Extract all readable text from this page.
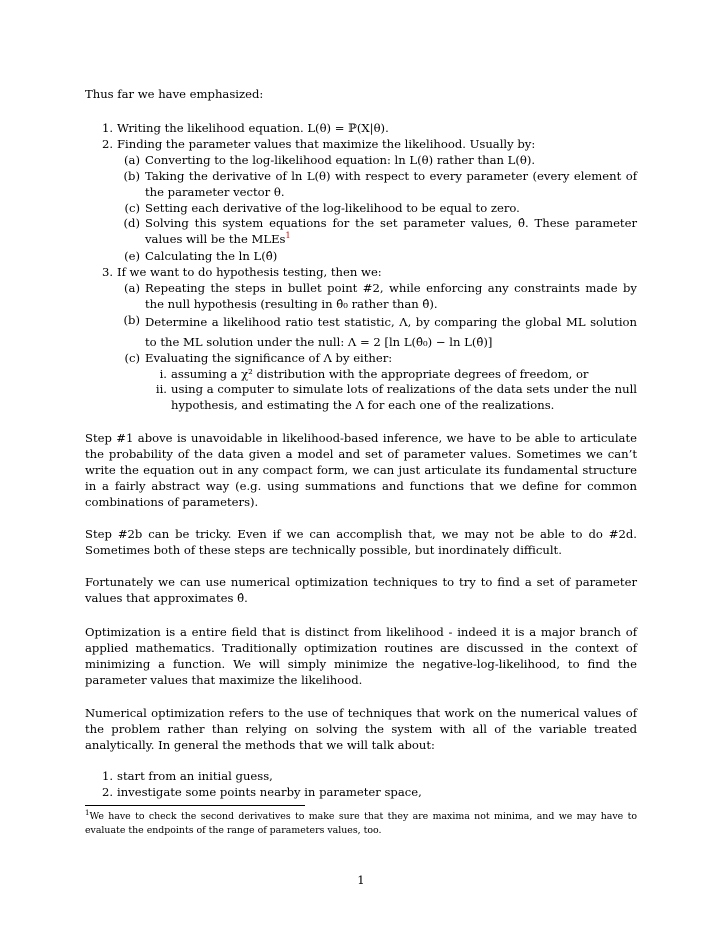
Thus far we have emphasized:

1. Writing the likelihood equation. L(θ) = ℙ(X|θ).
2. Finding the parameter values that maximize the likelihood. Usually by:
(a) Converting to the log-likelihood equation: ln L(θ) rather than L(θ).
(b) Taking the derivative of ln L(θ) with respect to every parameter (every element of the parameter vector θ.
(c) Setting each derivative of the log-likelihood to be equal to zero.
(d) Solving this system equations for the set parameter values, θ̂. These parameter values will be the MLEs$^1$
(e) Calculating the ln L(θ̂)
3. If we want to do hypothesis testing, then we:
(a) Repeating the steps in bullet point #2, while enforcing any constraints made by the null hypothesis (resulting in θ̂₀ rather than θ̂).
(b) Determine a likelihood ratio test statistic, Λ, by comparing the global ML solution to the ML solution under the null: Λ = 2 [ln L(θ̂₀) − ln L(θ̂)]
(c) Evaluating the significance of Λ by either:
i. assuming a χ² distribution with the appropriate degrees of freedom, or
ii. using a computer to simulate lots of realizations of the data sets under the null hypothesis, and estimating the Λ for each one of the realizations.

Step #1 above is unavoidable in likelihood-based inference, we have to be able to articulate the probability of the data given a model and set of parameter values. Sometimes we can’t write the equation out in any compact form, we can just articulate its fundamental structure in a fairly abstract way (e.g. using summations and functions that we define for common combinations of parameters).

Step #2b can be tricky. Even if we can accomplish that, we may not be able to do #2d. Sometimes both of these steps are technically possible, but inordinately difficult.

Fortunately we can use numerical optimization techniques to try to find a set of parameter values that approximates θ̂.

Optimization is a entire field that is distinct from likelihood - indeed it is a major branch of applied mathematics. Traditionally optimization routines are discussed in the context of minimizing a function. We will simply minimize the negative-log-likelihood, to find the parameter values that maximize the likelihood.

Numerical optimization refers to the use of techniques that work on the numerical values of the problem rather than relying on solving the system with all of the variable treated analytically. In general the methods that we will talk about:

1. start from an initial guess,
2. investigate some points nearby in parameter space,
$^1$We have to check the second derivatives to make sure that they are maxima not minima, and we may have to evaluate the endpoints of the range of parameters values, too.
1
